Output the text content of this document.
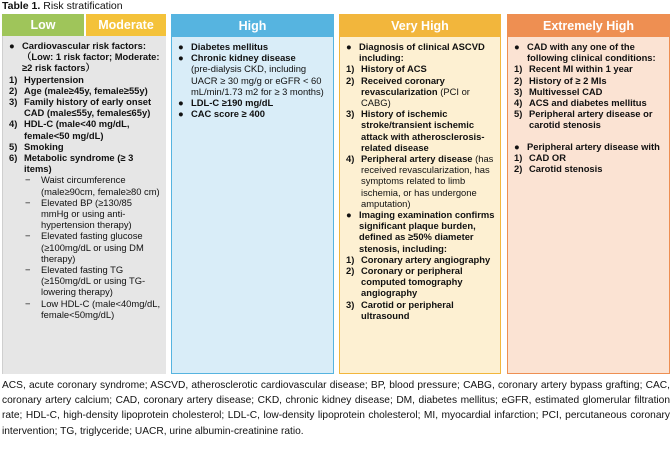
Table 1. Risk stratification
Low	Moderate
● Cardiovascular risk factors:
（Low: 1 risk factor; Moderate: ≥2 risk factors）
1) Hypertension
2) Age (male≥45y, female≥55y)
3) Family history of early onset CAD (male≤55y, female≤65y)
4) HDL-C (male<40 mg/dL, female<50 mg/dL)
5) Smoking
6) Metabolic syndrome (≥ 3 items)
−	Waist circumference (male≥90cm, female≥80 cm)
−	Elevated BP (≥130/85 mmHg or using anti-hypertension therapy)
−	Elevated fasting glucose (≥100mg/dL or using DM therapy)
−	Elevated fasting TG (≥150mg/dL or using TG-lowering therapy)
−	Low HDL-C (male<40mg/dL, female<50mg/dL)
High
● Diabetes mellitus
● Chronic kidney disease
(pre-dialysis CKD, including UACR ≥ 30 mg/g or eGFR < 60 mL/min/1.73 m2 for ≥ 3 months)
● LDL-C ≥190 mg/dL
● CAC score ≥ 400
Very High
● Diagnosis of clinical ASCVD including:
1) History of ACS
2) Received coronary revascularization (PCI or CABG)
3) History of ischemic stroke/transient ischemic attack with atherosclerosis-related disease
4) Peripheral artery disease (has received revascularization, has symptoms related to limb ischemia, or has undergone amputation)
● Imaging examination confirms significant plaque burden, defined as ≥50% diameter stenosis, including:
1) Coronary artery angiography
2) Coronary or peripheral computed tomography angiography
3) Carotid or peripheral ultrasound
Extremely High
● CAD with any one of the following clinical conditions:
1) Recent MI within 1 year
2) History of ≥ 2 MIs
3) Multivessel CAD
4) ACS and diabetes mellitus
5) Peripheral artery disease or carotid stenosis
● Peripheral artery disease with
1) CAD OR
2) Carotid stenosis
ACS, acute coronary syndrome; ASCVD, atherosclerotic cardiovascular disease; BP, blood pressure; CABG, coronary artery bypass grafting; CAC, coronary artery calcium; CAD, coronary artery disease; CKD, chronic kidney disease; DM, diabetes mellitus; eGFR, estimated glomerular filtration rate; HDL-C, high-density lipoprotein cholesterol; LDL-C, low-density lipoprotein cholesterol; MI, myocardial infarction; PCI, percutaneous coronary intervention; TG, triglyceride; UACR, urine albumin-creatinine ratio.
